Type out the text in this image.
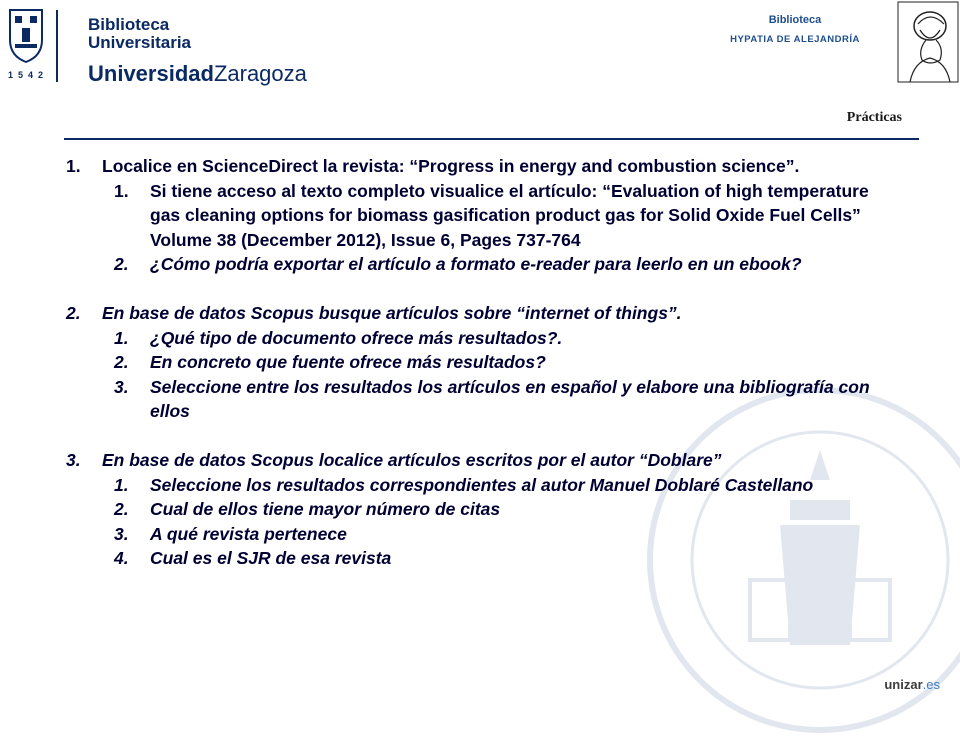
1542
Biblioteca
Universitaria
UniversidadZaragoza
Biblioteca
HYPATIA DE ALEJANDRÍA
Prácticas
1.	Localice en ScienceDirect la revista: “Progress in energy and combustion science”.
1.	Si tiene acceso al texto completo visualice el artículo: “Evaluation of high temperature gas cleaning options for biomass gasification product gas for Solid Oxide Fuel Cells”
Volume 38 (December 2012), Issue 6, Pages 737-764
2.	¿Cómo podría exportar el artículo a formato e-reader para leerlo en un ebook?
2.	En base de datos Scopus busque artículos sobre “internet of things”.
1.	¿Qué tipo de documento ofrece más resultados?.
2.	En concreto que fuente ofrece más resultados?
3.	Seleccione entre los resultados los artículos en español y elabore una bibliografía con ellos
3.	En base de datos Scopus localice artículos escritos por el autor “Doblare”
1.	Seleccione los resultados correspondientes al autor Manuel Doblaré Castellano
2.	Cual de ellos tiene mayor número de citas
3.	A qué revista pertenece
4.	Cual es el SJR de esa revista
unizar.es
